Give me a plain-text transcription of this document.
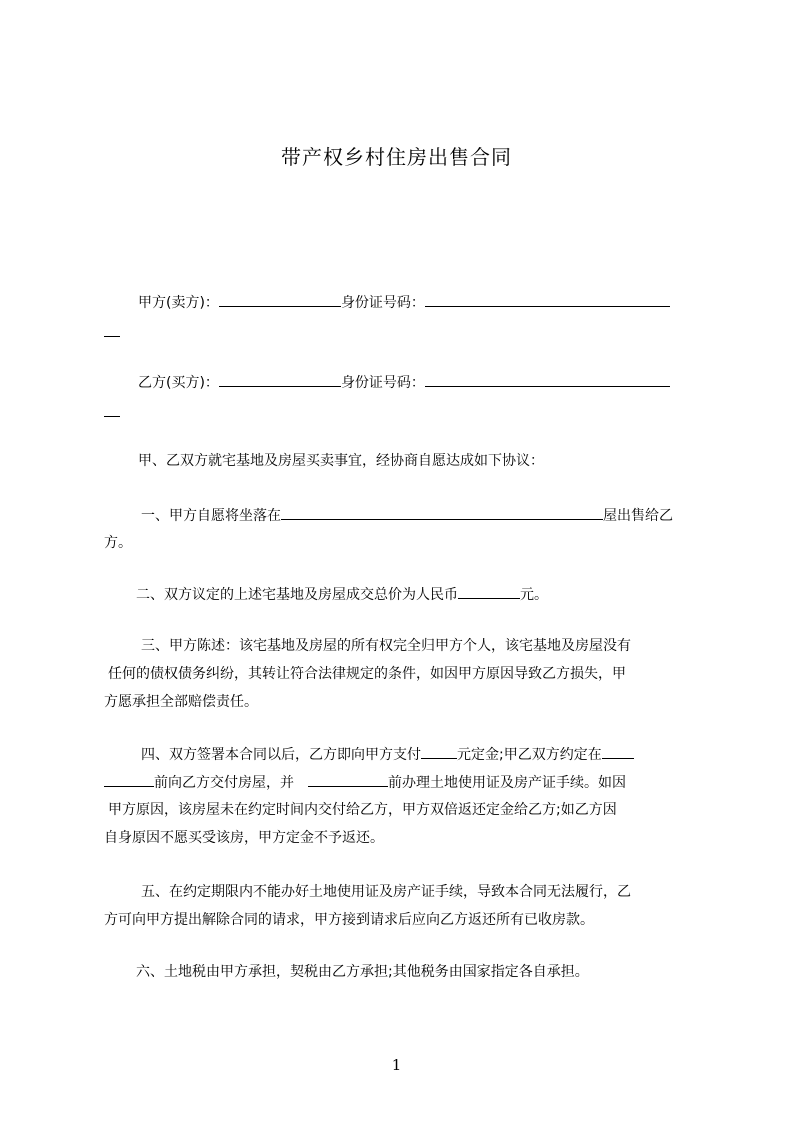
带产权乡村住房出售合同
甲方(卖方)：	身份证号码：
乙方(买方)：	身份证号码：
甲、乙双方就宅基地及房屋买卖事宜，经协商自愿达成如下协议：
一、甲方自愿将坐落在	屋出售给乙
方。
二、双方议定的上述宅基地及房屋成交总价为人民币	元。
三、甲方陈述：该宅基地及房屋的所有权完全归甲方个人，该宅基地及房屋没有
任何的债权债务纠纷，其转让符合法律规定的条件，如因甲方原因导致乙方损失，甲
方愿承担全部赔偿责任。
四、双方签署本合同以后，乙方即向甲方支付	元定金;甲乙双方约定在
前向乙方交付房屋，并	前办理土地使用证及房产证手续。如因
甲方原因，该房屋未在约定时间内交付给乙方，甲方双倍返还定金给乙方;如乙方因
自身原因不愿买受该房，甲方定金不予返还。
五、在约定期限内不能办好土地使用证及房产证手续，导致本合同无法履行，乙
方可向甲方提出解除合同的请求，甲方接到请求后应向乙方返还所有已收房款。
六、土地税由甲方承担，契税由乙方承担;其他税务由国家指定各自承担。
1
